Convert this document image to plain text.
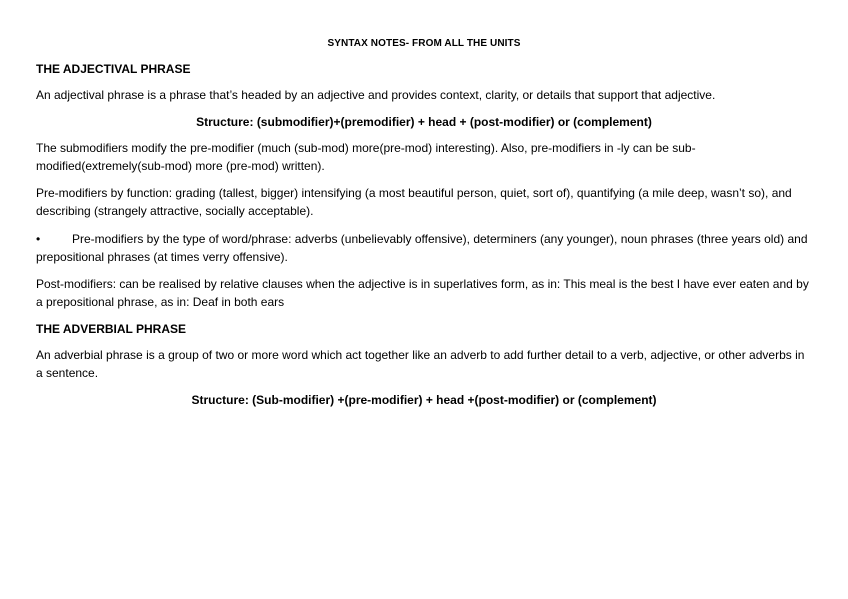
SYNTAX NOTES- FROM ALL THE UNITS
THE ADJECTIVAL PHRASE
An adjectival phrase is a phrase that’s headed by an adjective and provides context, clarity, or details that support that adjective.
Structure: (submodifier)+(premodifier) + head + (post-modifier) or (complement)
The submodifiers modify the pre-modifier (much (sub-mod) more(pre-mod) interesting). Also, pre-modifiers in -ly can be sub-modified(extremely(sub-mod) more (pre-mod) written).
Pre-modifiers by function: grading (tallest, bigger) intensifying (a most beautiful person, quiet, sort of), quantifying (a mile deep, wasn’t so), and describing (strangely attractive, socially acceptable).
•	Pre-modifiers by the type of word/phrase: adverbs (unbelievably offensive), determiners (any younger), noun phrases (three years old) and prepositional phrases (at times verry offensive).
Post-modifiers: can be realised by relative clauses when the adjective is in superlatives form, as in: This meal is the best I have ever eaten and by a prepositional phrase, as in: Deaf in both ears
THE ADVERBIAL PHRASE
An adverbial phrase is a group of two or more word which act together like an adverb to add further detail to a verb, adjective, or other adverbs in a sentence.
Structure: (Sub-modifier) +(pre-modifier) + head +(post-modifier) or (complement)
